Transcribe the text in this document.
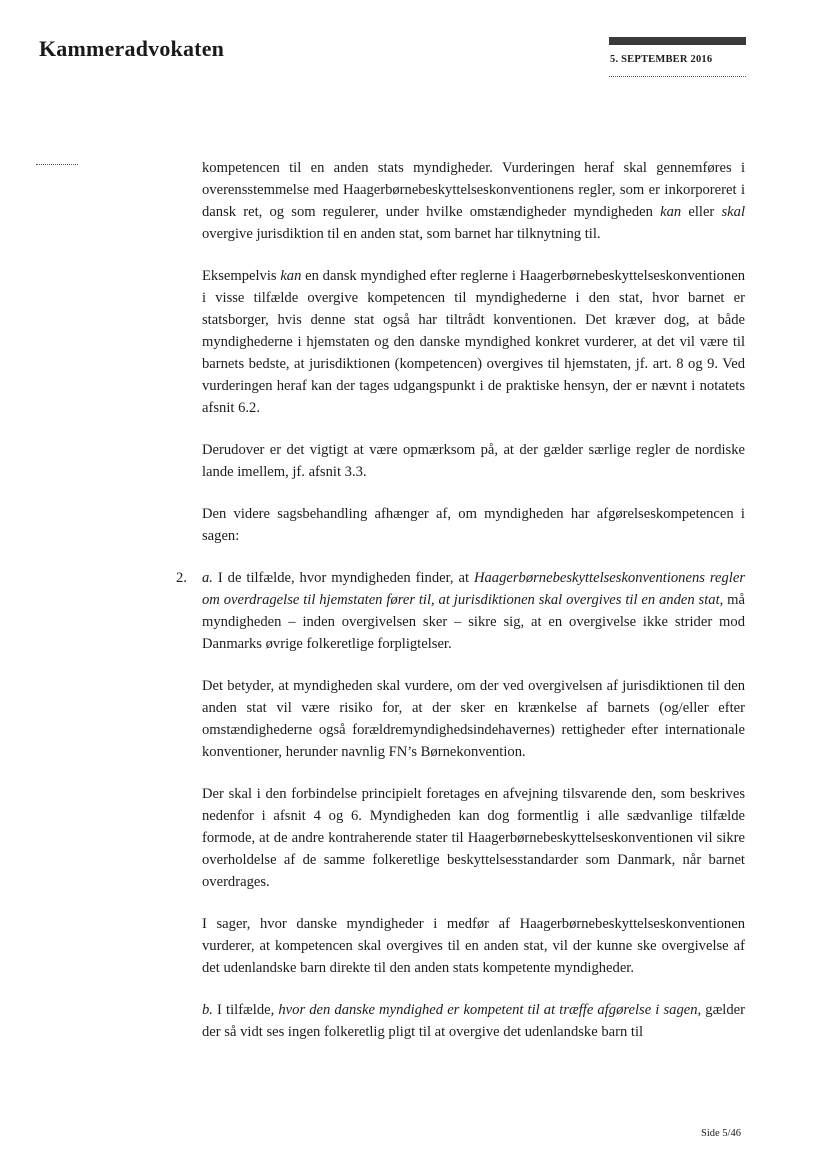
Kammeradvokaten	5. SEPTEMBER 2016

kompetencen til en anden stats myndigheder. Vurderingen heraf skal gennemføres i overensstemmelse med Haagerbørnebeskyttelseskonventionens regler, som er inkorporeret i dansk ret, og som regulerer, under hvilke omstændigheder myndigheden kan eller skal overgive jurisdiktion til en anden stat, som barnet har tilknytning til.

Eksempelvis kan en dansk myndighed efter reglerne i Haagerbørnebeskyttelseskonventionen i visse tilfælde overgive kompetencen til myndighederne i den stat, hvor barnet er statsborger, hvis denne stat også har tiltrådt konventionen. Det kræver dog, at både myndighederne i hjemstaten og den danske myndighed konkret vurderer, at det vil være til barnets bedste, at jurisdiktionen (kompetencen) overgives til hjemstaten, jf. art. 8 og 9. Ved vurderingen heraf kan der tages udgangspunkt i de praktiske hensyn, der er nævnt i notatets afsnit 6.2.

Derudover er det vigtigt at være opmærksom på, at der gælder særlige regler de nordiske lande imellem, jf. afsnit 3.3.

Den videre sagsbehandling afhænger af, om myndigheden har afgørelseskompetencen i sagen:

2. a. I de tilfælde, hvor myndigheden finder, at Haagerbørnebeskyttelseskonventionens regler om overdragelse til hjemstaten fører til, at jurisdiktionen skal overgives til en anden stat, må myndigheden – inden overgivelsen sker – sikre sig, at en overgivelse ikke strider mod Danmarks øvrige folkeretlige forpligtelser.

Det betyder, at myndigheden skal vurdere, om der ved overgivelsen af jurisdiktionen til den anden stat vil være risiko for, at der sker en krænkelse af barnets (og/eller efter omstændighederne også forældremyndighedsindehavernes) rettigheder efter internationale konventioner, herunder navnlig FN’s Børnekonvention.

Der skal i den forbindelse principielt foretages en afvejning tilsvarende den, som beskrives nedenfor i afsnit 4 og 6. Myndigheden kan dog formentlig i alle sædvanlige tilfælde formode, at de andre kontraherende stater til Haagerbørnebeskyttelseskonventionen vil sikre overholdelse af de samme folkeretlige beskyttelsesstandarder som Danmark, når barnet overdrages.

I sager, hvor danske myndigheder i medfør af Haagerbørnebeskyttelseskonventionen vurderer, at kompetencen skal overgives til en anden stat, vil der kunne ske overgivelse af det udenlandske barn direkte til den anden stats kompetente myndigheder.

b. I tilfælde, hvor den danske myndighed er kompetent til at træffe afgørelse i sagen, gælder der så vidt ses ingen folkeretlig pligt til at overgive det udenlandske barn til

Side 5/46
